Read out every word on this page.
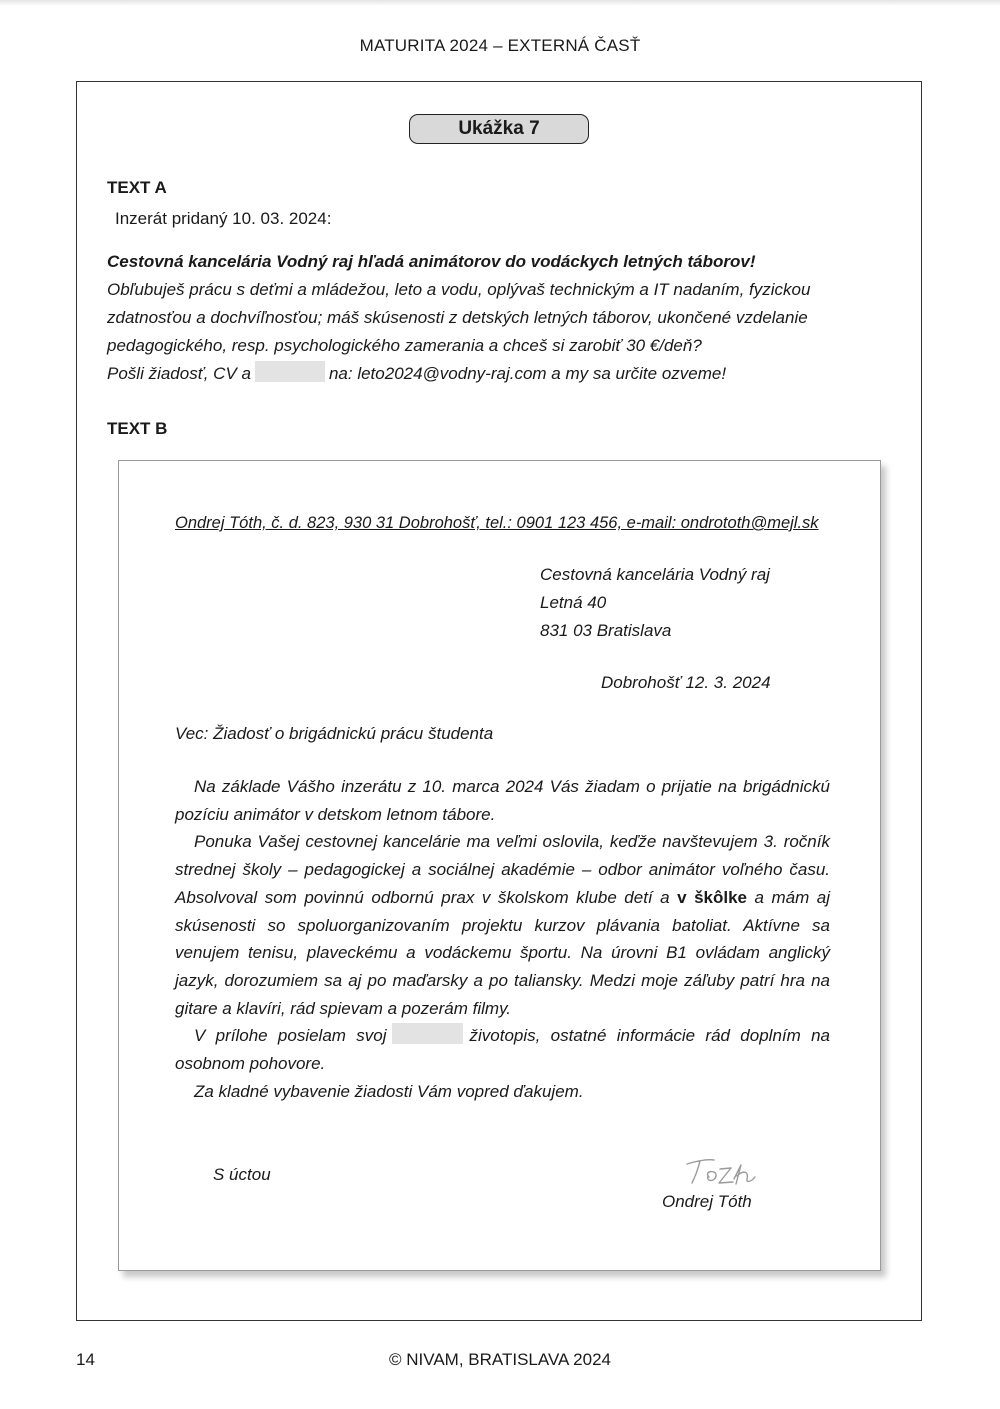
MATURITA 2024 – EXTERNÁ ČASŤ
Ukážka 7
TEXT A
Inzerát pridaný 10. 03. 2024:
Cestovná kancelária Vodný raj hľadá animátorov do vodáckych letných táborov!
Obľubuješ prácu s deťmi a mládežou, leto a vodu, oplývaš technickým a IT nadaním, fyzickou zdatnosťou a dochvíľnosťou; máš skúsenosti z detských letných táborov, ukončené vzdelanie pedagogického, resp. psychologického zamerania a chceš si zarobiť 30 €/deň?
Pošli žiadosť, CV a	na: leto2024@vodny-raj.com a my sa určite ozveme!
TEXT B
Ondrej Tóth, č. d. 823, 930 31 Dobrohošť, tel.: 0901 123 456, e-mail: ondrototh@mejl.sk
Cestovná kancelária Vodný raj
Letná 40
831 03 Bratislava
Dobrohošť 12. 3. 2024
Vec: Žiadosť o brigádnickú prácu študenta

Na základe Vášho inzerátu z 10. marca 2024 Vás žiadam o prijatie na brigádnickú pozíciu animátor v detskom letnom tábore.

Ponuka Vašej cestovnej kancelárie ma veľmi oslovila, keďže navštevujem 3. ročník strednej školy – pedagogickej a sociálnej akadémie – odbor animátor voľného času. Absolvoval som povinnú odbornú prax v školskom klube detí a v škôlke a mám aj skúsenosti so spoluorganizovaním projektu kurzov plávania batoliat. Aktívne sa venujem tenisu, plaveckému a vodáckemu športu. Na úrovni B1 ovládam anglický jazyk, dorozumiem sa aj po maďarsky a po taliansky. Medzi moje záľuby patrí hra na gitare a klavíri, rád spievam a pozerám filmy.

V prílohe posielam svoj	životopis, ostatné informácie rád doplním na osobnom pohovore.

Za kladné vybavenie žiadosti Vám vopred ďakujem.

S úctou
Ondrej Tóth
14	© NIVAM, BRATISLAVA 2024
